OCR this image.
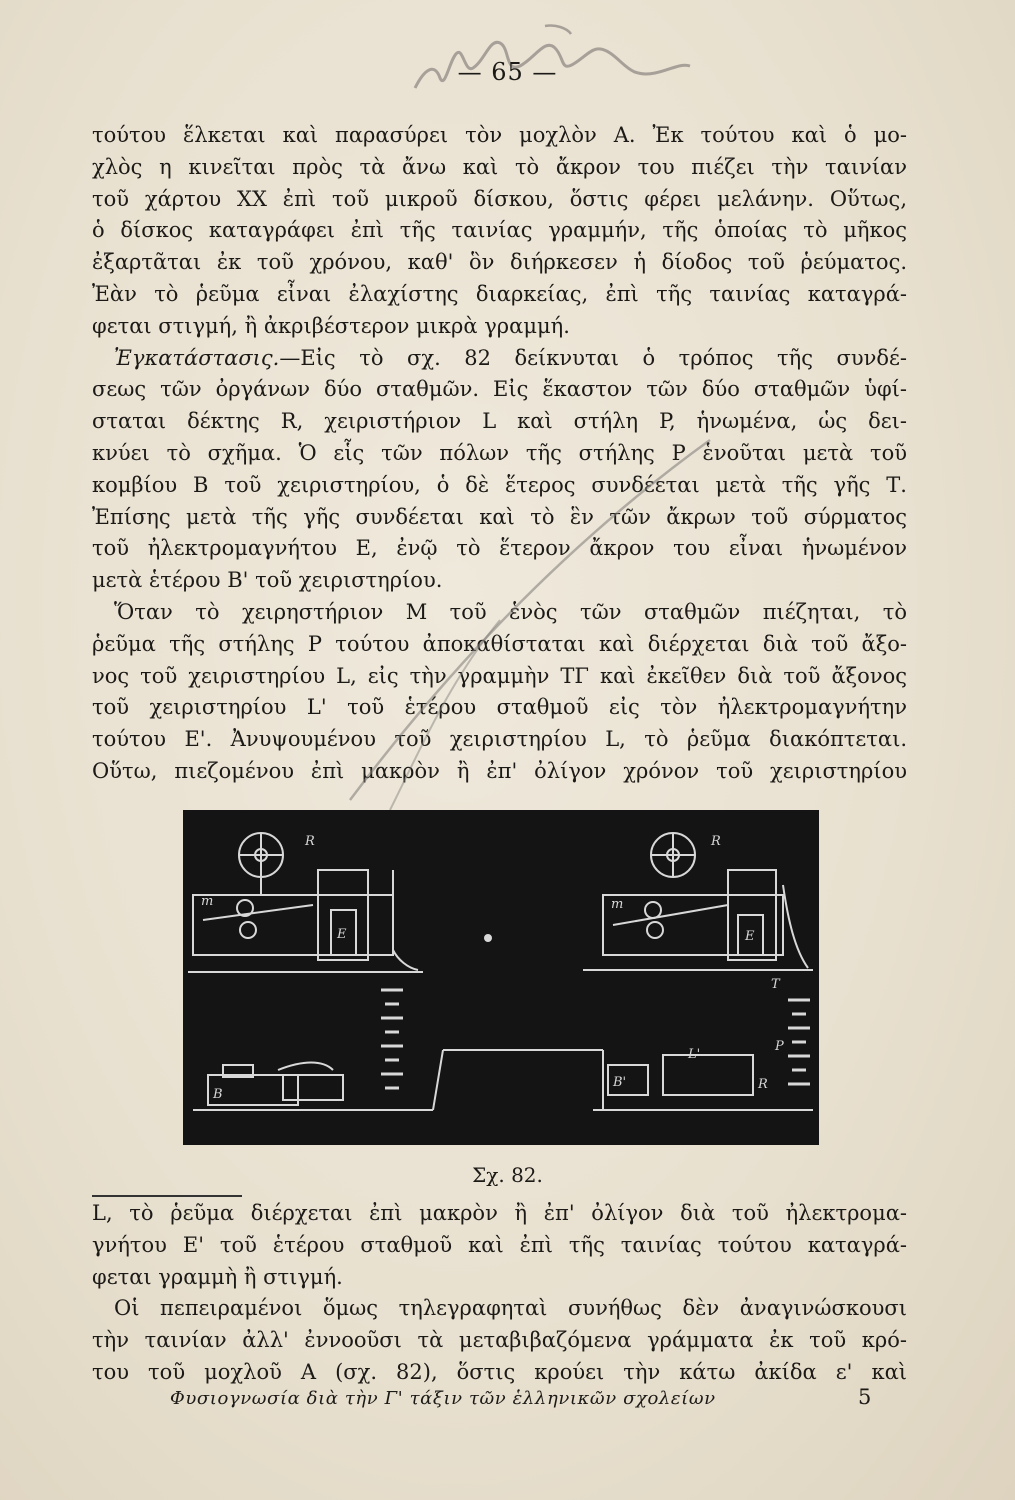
— 65 —

τούτου ἕλκεται καὶ παρασύρει τὸν μοχλὸν Α. Ἐκ τούτου καὶ ὁ μο-

χλὸς η κινεῖται πρὸς τὰ ἄνω καὶ τὸ ἄκρον του πιέζει τὴν ταινίαν

τοῦ χάρτου ΧΧ ἐπὶ τοῦ μικροῦ δίσκου, ὅστις φέρει μελάνην. Οὕτως,

ὁ δίσκος καταγράφει ἐπὶ τῆς ταινίας γραμμήν, τῆς ὁποίας τὸ μῆκος

ἐξαρτᾶται ἐκ τοῦ χρόνου, καθ' ὃν διήρκεσεν ἡ δίοδος τοῦ ῥεύματος.

Ἐὰν τὸ ῥεῦμα εἶναι ἐλαχίστης διαρκείας, ἐπὶ τῆς ταινίας καταγρά-

φεται στιγμή, ἢ ἀκριβέστερον μικρὰ γραμμή.

Ἐγκατάστασις.—Εἰς τὸ σχ. 82 δείκνυται ὁ τρόπος τῆς συνδέ-

σεως τῶν ὀργάνων δύο σταθμῶν. Εἰς ἕκαστον τῶν δύο σταθμῶν ὑφί-

σταται δέκτης R, χειριστήριον L καὶ στήλη P, ἡνωμένα, ὡς δει-

κνύει τὸ σχῆμα. Ὁ εἷς τῶν πόλων τῆς στήλης P ἑνοῦται μετὰ τοῦ

κομβίου Β τοῦ χειριστηρίου, ὁ δὲ ἕτερος συνδέεται μετὰ τῆς γῆς Τ.

Ἐπίσης μετὰ τῆς γῆς συνδέεται καὶ τὸ ἓν τῶν ἄκρων τοῦ σύρματος

τοῦ ἠλεκτρομαγνήτου Ε, ἐνῷ τὸ ἕτερον ἄκρον του εἶναι ἡνωμένον

μετὰ ἑτέρου Β' τοῦ χειριστηρίου.

Ὅταν τὸ χειρηστήριον Μ τοῦ ἑνὸς τῶν σταθμῶν πιέζηται, τὸ

ῥεῦμα τῆς στήλης P τούτου ἀποκαθίσταται καὶ διέρχεται διὰ τοῦ ἄξο-

νος τοῦ χειριστηρίου L, εἰς τὴν γραμμὴν ΤΓ καὶ ἐκεῖθεν διὰ τοῦ ἄξονος

τοῦ χειριστηρίου L' τοῦ ἑτέρου σταθμοῦ εἰς τὸν ἠλεκτρομαγνήτην

τούτου Ε'. Ἀνυψουμένου τοῦ χειριστηρίου L, τὸ ῥεῦμα διακόπτεται.

Οὕτω, πιεζομένου ἐπὶ μακρὸν ἢ ἐπ' ὀλίγον χρόνον τοῦ χειριστηρίου

R	R
m	m
E	E
T
P
B
B'
L'
R
Σχ. 82.

L, τὸ ῥεῦμα διέρχεται ἐπὶ μακρὸν ἢ ἐπ' ὀλίγον διὰ τοῦ ἠλεκτρομα-

γνήτου Ε' τοῦ ἑτέρου σταθμοῦ καὶ ἐπὶ τῆς ταινίας τούτου καταγρά-

φεται γραμμὴ ἢ στιγμή.

Οἱ πεπειραμένοι ὅμως τηλεγραφηταὶ συνήθως δὲν ἀναγινώσκουσι

τὴν ταινίαν ἀλλ' ἐννοοῦσι τὰ μεταβιβαζόμενα γράμματα ἐκ τοῦ κρό-

του τοῦ μοχλοῦ Α (σχ. 82), ὅστις κρούει τὴν κάτω ἀκίδα ε' καὶ

Φυσιογνωσία διὰ τὴν Γ' τάξιν τῶν ἑλληνικῶν σχολείων	5
